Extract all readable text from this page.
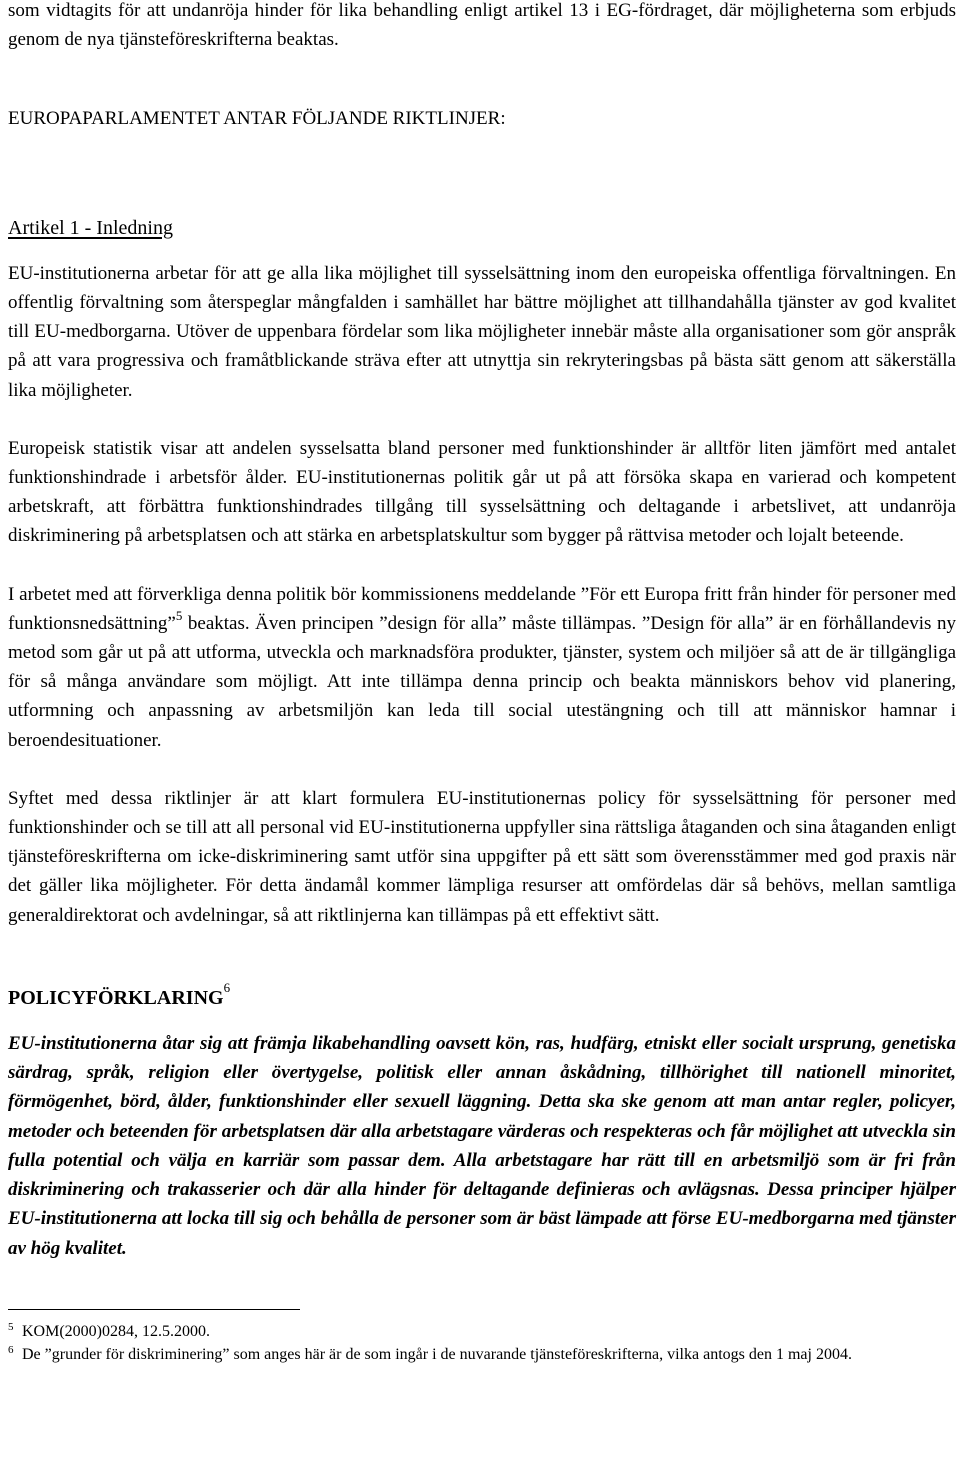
som vidtagits för att undanröja hinder för lika behandling enligt artikel 13 i EG-fördraget, där möjligheterna som erbjuds genom de nya tjänsteföreskrifterna beaktas.

EUROPAPARLAMENTET ANTAR FÖLJANDE RIKTLINJER:

Artikel 1 - Inledning

EU-institutionerna arbetar för att ge alla lika möjlighet till sysselsättning inom den europeiska offentliga förvaltningen. En offentlig förvaltning som återspeglar mångfalden i samhället har bättre möjlighet att tillhandahålla tjänster av god kvalitet till EU-medborgarna. Utöver de uppenbara fördelar som lika möjligheter innebär måste alla organisationer som gör anspråk på att vara progressiva och framåtblickande sträva efter att utnyttja sin rekryteringsbas på bästa sätt genom att säkerställa lika möjligheter.

Europeisk statistik visar att andelen sysselsatta bland personer med funktionshinder är alltför liten jämfört med antalet funktionshindrade i arbetsför ålder. EU-institutionernas politik går ut på att försöka skapa en varierad och kompetent arbetskraft, att förbättra funktionshindrades tillgång till sysselsättning och deltagande i arbetslivet, att undanröja diskriminering på arbetsplatsen och att stärka en arbetsplatskultur som bygger på rättvisa metoder och lojalt beteende.

I arbetet med att förverkliga denna politik bör kommissionens meddelande ”För ett Europa fritt från hinder för personer med funktionsnedsättning”$^5$ beaktas. Även principen ”design för alla” måste tillämpas. ”Design för alla” är en förhållandevis ny metod som går ut på att utforma, utveckla och marknadsföra produkter, tjänster, system och miljöer så att de är tillgängliga för så många användare som möjligt. Att inte tillämpa denna princip och beakta människors behov vid planering, utformning och anpassning av arbetsmiljön kan leda till social utestängning och till att människor hamnar i beroendesituationer.

Syftet med dessa riktlinjer är att klart formulera EU-institutionernas policy för sysselsättning för personer med funktionshinder och se till att all personal vid EU-institutionerna uppfyller sina rättsliga åtaganden och sina åtaganden enligt tjänsteföreskrifterna om icke-diskriminering samt utför sina uppgifter på ett sätt som överensstämmer med god praxis när det gäller lika möjligheter. För detta ändamål kommer lämpliga resurser att omfördelas där så behövs, mellan samtliga generaldirektorat och avdelningar, så att riktlinjerna kan tillämpas på ett effektivt sätt.

POLICYFÖRKLARING$^6$

EU-institutionerna åtar sig att främja likabehandling oavsett kön, ras, hudfärg, etniskt eller socialt ursprung, genetiska särdrag, språk, religion eller övertygelse, politisk eller annan åskådning, tillhörighet till nationell minoritet, förmögenhet, börd, ålder, funktionshinder eller sexuell läggning. Detta ska ske genom att man antar regler, policyer, metoder och beteenden för arbetsplatsen där alla arbetstagare värderas och respekteras och får möjlighet att utveckla sin fulla potential och välja en karriär som passar dem. Alla arbetstagare har rätt till en arbetsmiljö som är fri från diskriminering och trakasserier och där alla hinder för deltagande definieras och avlägsnas. Dessa principer hjälper EU-institutionerna att locka till sig och behålla de personer som är bäst lämpade att förse EU-medborgarna med tjänster av hög kvalitet.

5 KOM(2000)0284, 12.5.2000.
6 De ”grunder för diskriminering” som anges här är de som ingår i de nuvarande tjänsteföreskrifterna, vilka antogs den 1 maj 2004.
